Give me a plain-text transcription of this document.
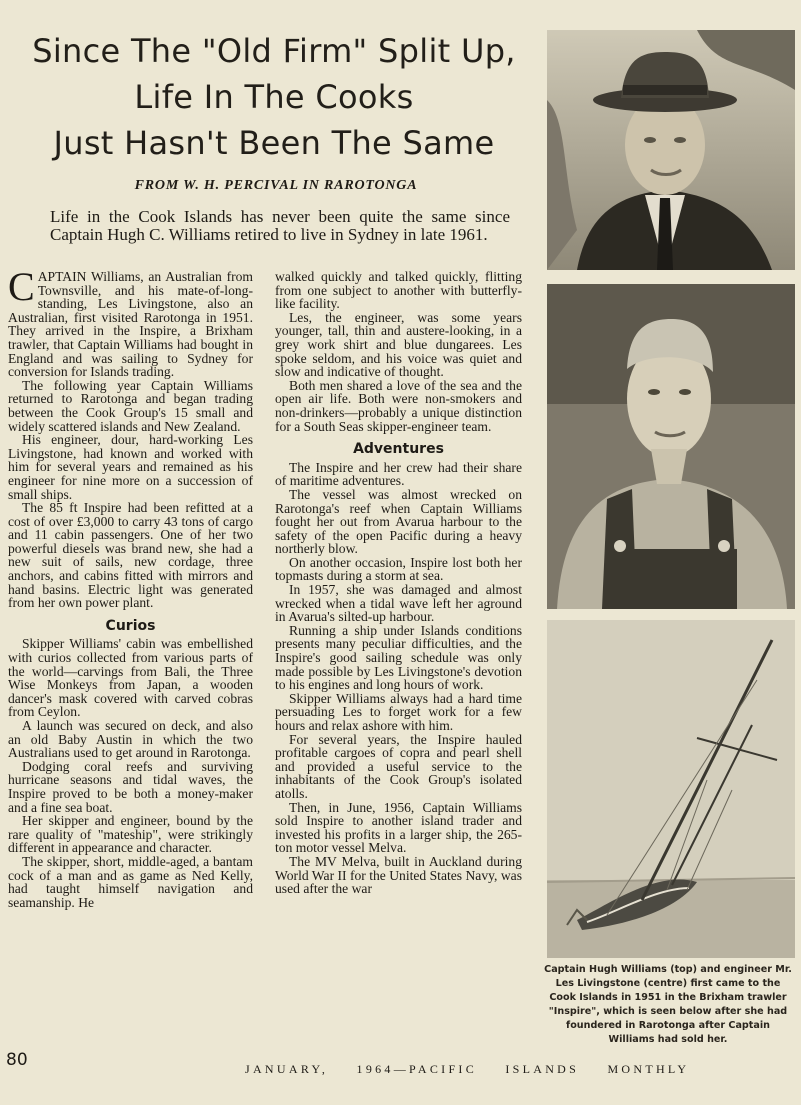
Since The "Old Firm" Split Up,
Life In The Cooks
Just Hasn't Been The Same
FROM W. H. PERCIVAL IN RAROTONGA
Life in the Cook Islands has never been quite the same since Captain Hugh C. Williams retired to live in Sydney in late 1961.

CAPTAIN Williams, an Australian from Townsville, and his mate-of-long-standing, Les Livingstone, also an Australian, first visited Rarotonga in 1951. They arrived in the Inspire, a Brixham trawler, that Captain Williams had bought in England and was sailing to Sydney for conversion for Islands trading.

The following year Captain Williams returned to Rarotonga and began trading between the Cook Group's 15 small and widely scattered islands and New Zealand.

His engineer, dour, hard-working Les Livingstone, had known and worked with him for several years and remained as his engineer for nine more on a succession of small ships.

The 85 ft Inspire had been refitted at a cost of over £3,000 to carry 43 tons of cargo and 11 cabin passengers. One of her two powerful diesels was brand new, she had a new suit of sails, new cordage, three anchors, and cabins fitted with mirrors and hand basins. Electric light was generated from her own power plant.

Curios

Skipper Williams' cabin was embellished with curios collected from various parts of the world—carvings from Bali, the Three Wise Monkeys from Japan, a wooden dancer's mask covered with carved cobras from Ceylon.

A launch was secured on deck, and also an old Baby Austin in which the two Australians used to get around in Rarotonga.

Dodging coral reefs and surviving hurricane seasons and tidal waves, the Inspire proved to be both a money-maker and a fine sea boat.

Her skipper and engineer, bound by the rare quality of "mateship", were strikingly different in appearance and character.

The skipper, short, middle-aged, a bantam cock of a man and as game as Ned Kelly, had taught himself navigation and seamanship. He

walked quickly and talked quickly, flitting from one subject to another with butterfly-like facility.

Les, the engineer, was some years younger, tall, thin and austere-looking, in a grey work shirt and blue dungarees. Les spoke seldom, and his voice was quiet and slow and indicative of thought.

Both men shared a love of the sea and the open air life. Both were non-smokers and non-drinkers—probably a unique distinction for a South Seas skipper-engineer team.

Adventures

The Inspire and her crew had their share of maritime adventures.

The vessel was almost wrecked on Rarotonga's reef when Captain Williams fought her out from Avarua harbour to the safety of the open Pacific during a heavy northerly blow.

On another occasion, Inspire lost both her topmasts during a storm at sea.

In 1957, she was damaged and almost wrecked when a tidal wave left her aground in Avarua's silted-up harbour.

Running a ship under Islands conditions presents many peculiar difficulties, and the Inspire's good sailing schedule was only made possible by Les Livingstone's devotion to his engines and long hours of work.

Skipper Williams always had a hard time persuading Les to forget work for a few hours and relax ashore with him.

For several years, the Inspire hauled profitable cargoes of copra and pearl shell and provided a useful service to the inhabitants of the Cook Group's isolated atolls.

Then, in June, 1956, Captain Williams sold Inspire to another island trader and invested his profits in a larger ship, the 265-ton motor vessel Melva.

The MV Melva, built in Auckland during World War II for the United States Navy, was used after the war

Captain Hugh Williams (top) and engineer Mr. Les Livingstone (centre) first came to the Cook Islands in 1951 in the Brixham trawler "Inspire", which is seen below after she had foundered in Rarotonga after Captain Williams had sold her.
80	JANUARY, 1964—PACIFIC ISLANDS MONTHLY
